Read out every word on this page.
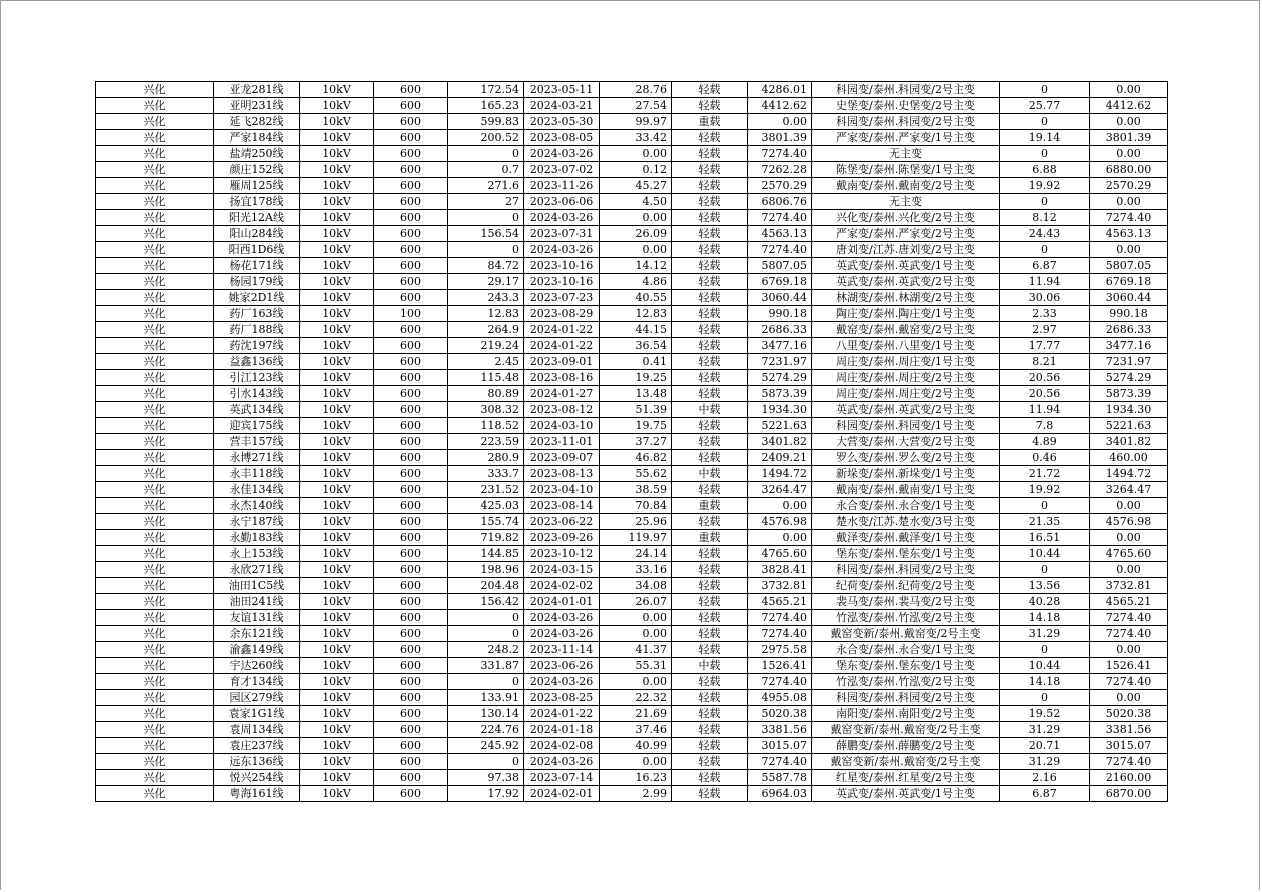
兴化	亚龙281线	10kV	600	172.54	2023-05-11	28.76	轻载	4286.01	科园变/泰州.科园变/2号主变	0	0.00
兴化	亚明231线	10kV	600	165.23	2024-03-21	27.54	轻载	4412.62	史堡变/泰州.史堡变/2号主变	25.77	4412.62
兴化	延飞282线	10kV	600	599.83	2023-05-30	99.97	重载	0.00	科园变/泰州.科园变/2号主变	0	0.00
兴化	严家184线	10kV	600	200.52	2023-08-05	33.42	轻载	3801.39	严家变/泰州.严家变/1号主变	19.14	3801.39
兴化	盐靖250线	10kV	600	0	2024-03-26	0.00	轻载	7274.40	无主变	0	0.00
兴化	颜庄152线	10kV	600	0.7	2023-07-02	0.12	轻载	7262.28	陈堡变/泰州.陈堡变/1号主变	6.88	6880.00
兴化	雁周125线	10kV	600	271.6	2023-11-26	45.27	轻载	2570.29	戴南变/泰州.戴南变/2号主变	19.92	2570.29
兴化	扬宜178线	10kV	600	27	2023-06-06	4.50	轻载	6806.76	无主变	0	0.00
兴化	阳光12A线	10kV	600	0	2024-03-26	0.00	轻载	7274.40	兴化变/泰州.兴化变/2号主变	8.12	7274.40
兴化	阳山284线	10kV	600	156.54	2023-07-31	26.09	轻载	4563.13	严家变/泰州.严家变/2号主变	24.43	4563.13
兴化	阳西1D6线	10kV	600	0	2024-03-26	0.00	轻载	7274.40	唐刘变/江苏.唐刘变/2号主变	0	0.00
兴化	杨花171线	10kV	600	84.72	2023-10-16	14.12	轻载	5807.05	英武变/泰州.英武变/1号主变	6.87	5807.05
兴化	杨园179线	10kV	600	29.17	2023-10-16	4.86	轻载	6769.18	英武变/泰州.英武变/2号主变	11.94	6769.18
兴化	姚家2D1线	10kV	600	243.3	2023-07-23	40.55	轻载	3060.44	林湖变/泰州.林湖变/2号主变	30.06	3060.44
兴化	药厂163线	10kV	100	12.83	2023-08-29	12.83	轻载	990.18	陶庄变/泰州.陶庄变/1号主变	2.33	990.18
兴化	药厂188线	10kV	600	264.9	2024-01-22	44.15	轻载	2686.33	戴窑变/泰州.戴窑变/2号主变	2.97	2686.33
兴化	药沈197线	10kV	600	219.24	2024-01-22	36.54	轻载	3477.16	八里变/泰州.八里变/1号主变	17.77	3477.16
兴化	益鑫136线	10kV	600	2.45	2023-09-01	0.41	轻载	7231.97	周庄变/泰州.周庄变/1号主变	8.21	7231.97
兴化	引江123线	10kV	600	115.48	2023-08-16	19.25	轻载	5274.29	周庄变/泰州.周庄变/2号主变	20.56	5274.29
兴化	引水143线	10kV	600	80.89	2024-01-27	13.48	轻载	5873.39	周庄变/泰州.周庄变/2号主变	20.56	5873.39
兴化	英武134线	10kV	600	308.32	2023-08-12	51.39	中载	1934.30	英武变/泰州.英武变/2号主变	11.94	1934.30
兴化	迎宾175线	10kV	600	118.52	2024-03-10	19.75	轻载	5221.63	科园变/泰州.科园变/1号主变	7.8	5221.63
兴化	营丰157线	10kV	600	223.59	2023-11-01	37.27	轻载	3401.82	大营变/泰州.大营变/2号主变	4.89	3401.82
兴化	永博271线	10kV	600	280.9	2023-09-07	46.82	轻载	2409.21	罗么变/泰州.罗么变/2号主变	0.46	460.00
兴化	永丰118线	10kV	600	333.7	2023-08-13	55.62	中载	1494.72	新垛变/泰州.新垛变/1号主变	21.72	1494.72
兴化	永佳134线	10kV	600	231.52	2023-04-10	38.59	轻载	3264.47	戴南变/泰州.戴南变/1号主变	19.92	3264.47
兴化	永杰140线	10kV	600	425.03	2023-08-14	70.84	重载	0.00	永合变/泰州.永合变/1号主变	0	0.00
兴化	永宁187线	10kV	600	155.74	2023-06-22	25.96	轻载	4576.98	楚水变/江苏.楚水变/3号主变	21.35	4576.98
兴化	永勤183线	10kV	600	719.82	2023-09-26	119.97	重载	0.00	戴泽变/泰州.戴泽变/1号主变	16.51	0.00
兴化	永上153线	10kV	600	144.85	2023-10-12	24.14	轻载	4765.60	堡东变/泰州.堡东变/1号主变	10.44	4765.60
兴化	永欣271线	10kV	600	198.96	2024-03-15	33.16	轻载	3828.41	科园变/泰州.科园变/2号主变	0	0.00
兴化	油田1C5线	10kV	600	204.48	2024-02-02	34.08	轻载	3732.81	纪荷变/泰州.纪荷变/2号主变	13.56	3732.81
兴化	油田241线	10kV	600	156.42	2024-01-01	26.07	轻载	4565.21	裴马变/泰州.裴马变/2号主变	40.28	4565.21
兴化	友谊131线	10kV	600	0	2024-03-26	0.00	轻载	7274.40	竹泓变/泰州.竹泓变/2号主变	14.18	7274.40
兴化	余东121线	10kV	600	0	2024-03-26	0.00	轻载	7274.40	戴窑变新/泰州.戴窑变/2号主变	31.29	7274.40
兴化	渝鑫149线	10kV	600	248.2	2023-11-14	41.37	轻载	2975.58	永合变/泰州.永合变/1号主变	0	0.00
兴化	宇达260线	10kV	600	331.87	2023-06-26	55.31	中载	1526.41	堡东变/泰州.堡东变/1号主变	10.44	1526.41
兴化	育才134线	10kV	600	0	2024-03-26	0.00	轻载	7274.40	竹泓变/泰州.竹泓变/2号主变	14.18	7274.40
兴化	园区279线	10kV	600	133.91	2023-08-25	22.32	轻载	4955.08	科园变/泰州.科园变/2号主变	0	0.00
兴化	袁家1G1线	10kV	600	130.14	2024-01-22	21.69	轻载	5020.38	南阳变/泰州.南阳变/2号主变	19.52	5020.38
兴化	袁周134线	10kV	600	224.76	2024-01-18	37.46	轻载	3381.56	戴窑变新/泰州.戴窑变/2号主变	31.29	3381.56
兴化	袁庄237线	10kV	600	245.92	2024-02-08	40.99	轻载	3015.07	薛鹏变/泰州.薛鹏变/2号主变	20.71	3015.07
兴化	远东136线	10kV	600	0	2024-03-26	0.00	轻载	7274.40	戴窑变新/泰州.戴窑变/2号主变	31.29	7274.40
兴化	悦兴254线	10kV	600	97.38	2023-07-14	16.23	轻载	5587.78	红星变/泰州.红星变/2号主变	2.16	2160.00
兴化	粤海161线	10kV	600	17.92	2024-02-01	2.99	轻载	6964.03	英武变/泰州.英武变/1号主变	6.87	6870.00
